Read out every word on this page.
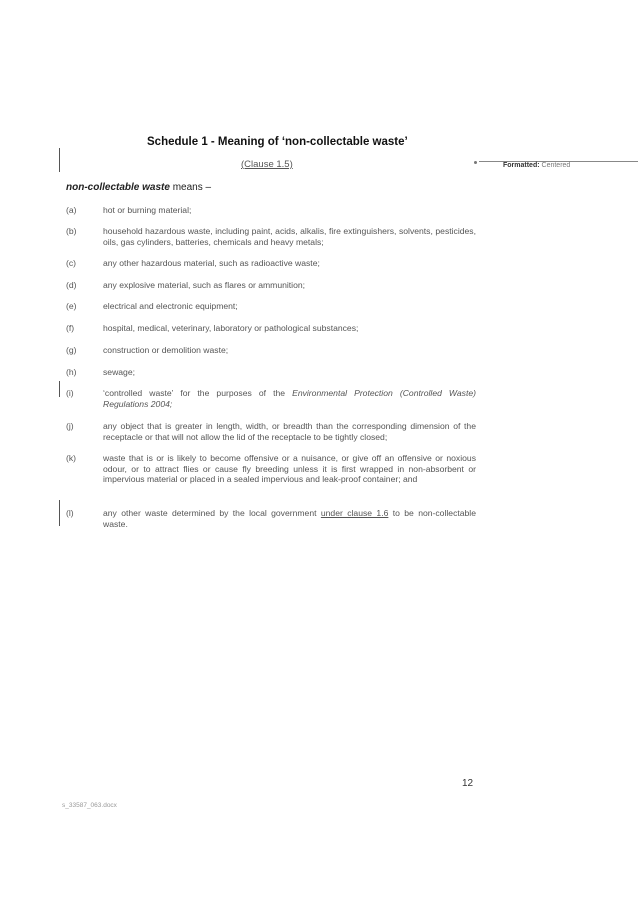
Schedule 1 - Meaning of ‘non-collectable waste’
(Clause 1.5)	Formatted: Centered
non-collectable waste means –
(a)	hot or burning material;
(b)	household hazardous waste, including paint, acids, alkalis, fire extinguishers, solvents, pesticides, oils, gas cylinders, batteries, chemicals and heavy metals;
(c)	any other hazardous material, such as radioactive waste;
(d)	any explosive material, such as flares or ammunition;
(e)	electrical and electronic equipment;
(f)	hospital, medical, veterinary, laboratory or pathological substances;
(g)	construction or demolition waste;
(h)	sewage;
(i)	‘controlled waste’ for the purposes of the Environmental Protection (Controlled Waste) Regulations 2004;
(j)	any object that is greater in length, width, or breadth than the corresponding dimension of the receptacle or that will not allow the lid of the receptacle to be tightly closed;
(k)	waste that is or is likely to become offensive or a nuisance, or give off an offensive or noxious odour, or to attract flies or cause fly breeding unless it is first wrapped in non-absorbent or impervious material or placed in a sealed impervious and leak-proof container; and
(l)	any other waste determined by the local government under clause 1.6 to be non-collectable waste.
12
s_33587_063.docx
